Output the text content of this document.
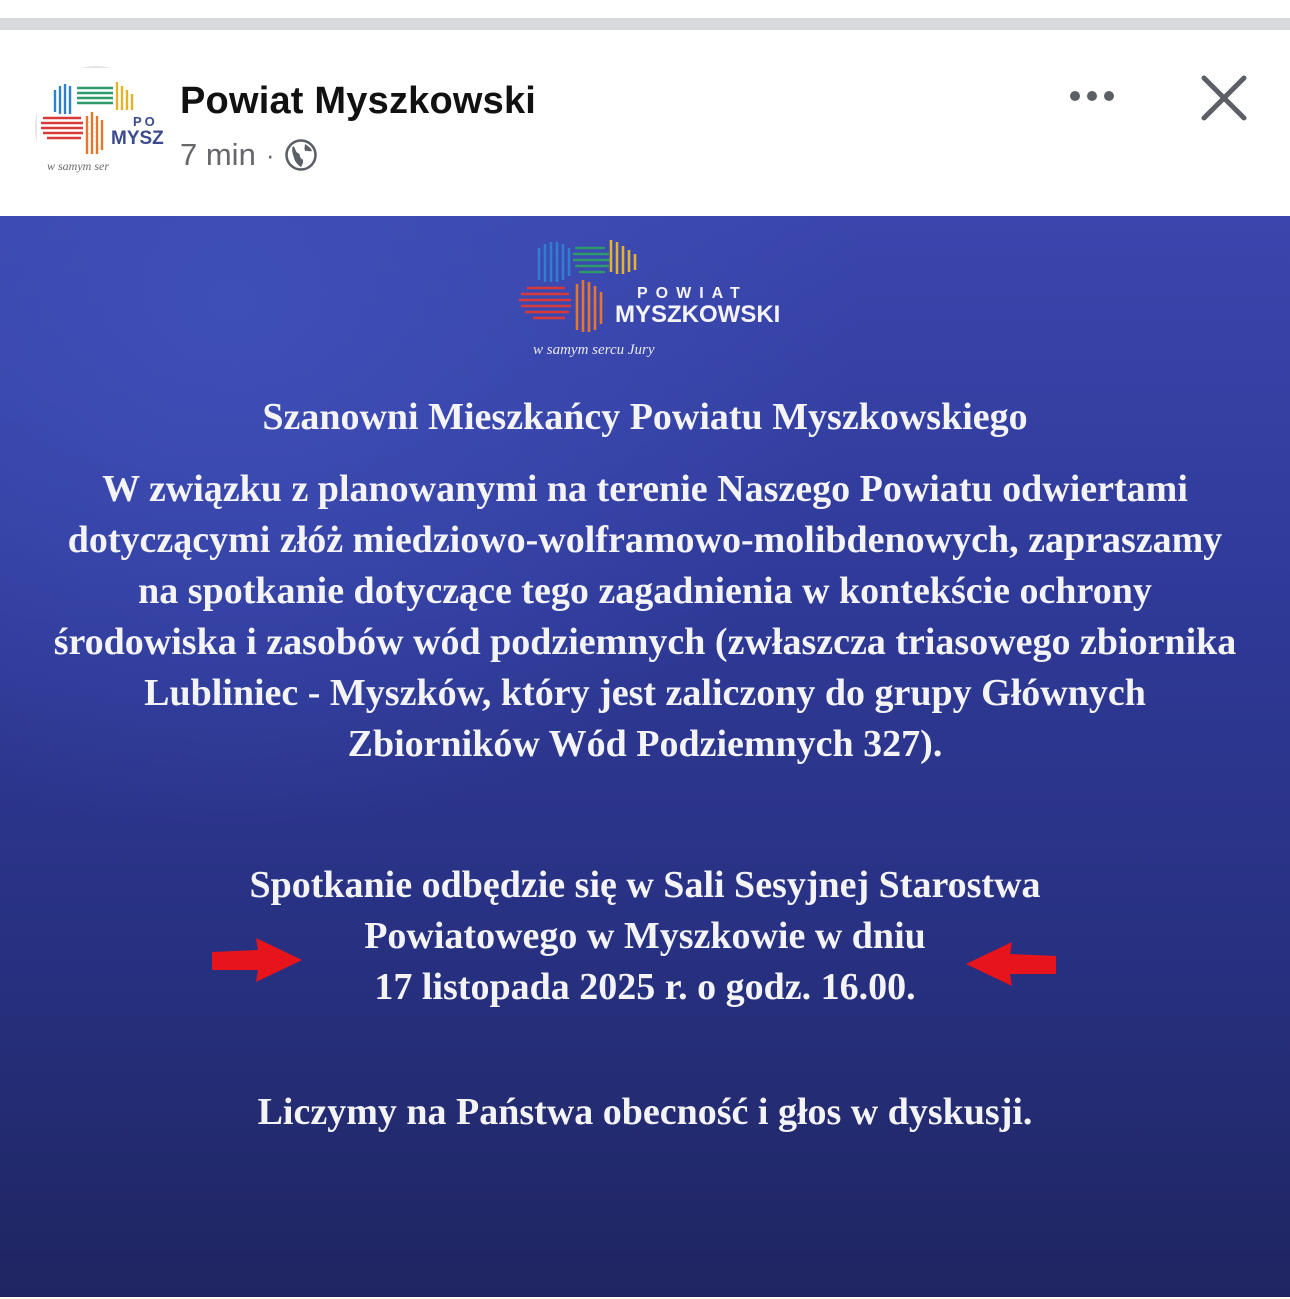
PO
MYSZ
w samym ser
Powiat Myszkowski
7 min ·
POWIAT
MYSZKOWSKI
w samym sercu Jury
Szanowni Mieszkańcy Powiatu Myszkowskiego
W związku z planowanymi na terenie Naszego Powiatu odwiertami dotyczącymi złóż miedziowo-wolframowo-molibdenowych, zapraszamy na spotkanie dotyczące tego zagadnienia w kontekście ochrony środowiska i zasobów wód podziemnych (zwłaszcza triasowego zbiornika Lubliniec - Myszków, który jest zaliczony do grupy Głównych Zbiorników Wód Podziemnych 327).
Spotkanie odbędzie się w Sali Sesyjnej Starostwa
Powiatowego w Myszkowie w dniu
17 listopada 2025 r. o godz. 16.00.
Liczymy na Państwa obecność i głos w dyskusji.
